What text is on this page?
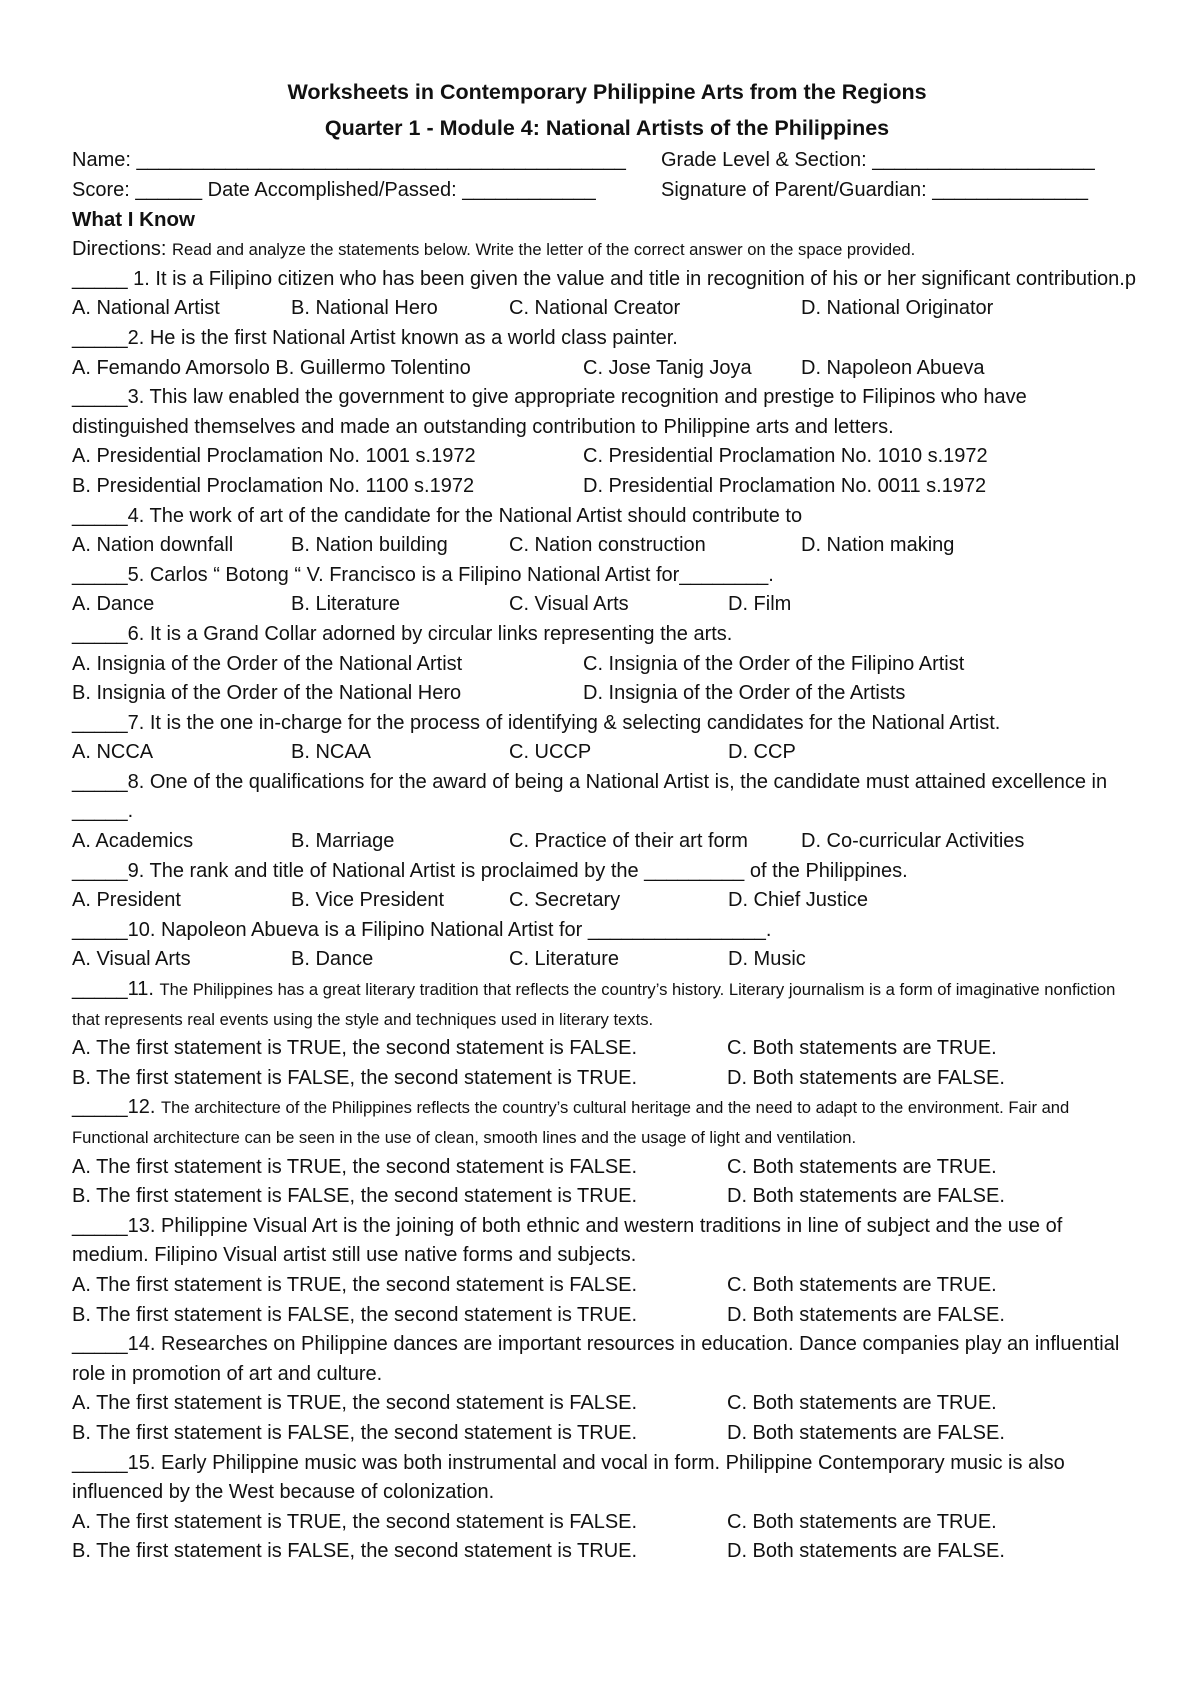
Worksheets in Contemporary Philippine Arts from the Regions
Quarter 1 - Module 4: National Artists of the Philippines
Name: ____________________________________________	Grade Level & Section: ____________________
Score: ______ Date Accomplished/Passed: ____________	Signature of Parent/Guardian: ______________
What I Know
Directions: Read and analyze the statements below. Write the letter of the correct answer on the space provided.
_____ 1. It is a Filipino citizen who has been given the value and title in recognition of his or her significant contribution.p
A. National Artist	B. National Hero	C. National Creator	D. National Originator
_____2. He is the first National Artist known as a world class painter.
A. Femando Amorsolo B. Guillermo Tolentino	C. Jose Tanig Joya	D. Napoleon Abueva
_____3. This law enabled the government to give appropriate recognition and prestige to Filipinos who have distinguished themselves and made an outstanding contribution to Philippine arts and letters.
A. Presidential Proclamation No. 1001 s.1972	C. Presidential Proclamation No. 1010 s.1972
B. Presidential Proclamation No. 1100 s.1972	D. Presidential Proclamation No. 0011 s.1972
_____4. The work of art of the candidate for the National Artist should contribute to
A. Nation downfall	B. Nation building	C. Nation construction	D. Nation making
_____5. Carlos “ Botong “ V. Francisco is a Filipino National Artist for________.
A. Dance	B. Literature	C. Visual Arts	D. Film
_____6. It is a Grand Collar adorned by circular links representing the arts.
A. Insignia of the Order of the National Artist	C. Insignia of the Order of the Filipino Artist
B. Insignia of the Order of the National Hero	D. Insignia of the Order of the Artists
_____7. It is the one in-charge for the process of identifying & selecting candidates for the National Artist.
A. NCCA	B. NCAA	C. UCCP	D. CCP
_____8. One of the qualifications for the award of being a National Artist is, the candidate must attained excellence in _____.
A. Academics	B. Marriage	C. Practice of their art form	D. Co-curricular Activities
_____9. The rank and title of National Artist is proclaimed by the _________ of the Philippines.
A. President	B. Vice President	C. Secretary	D. Chief Justice
_____10. Napoleon Abueva is a Filipino National Artist for ________________.
A. Visual Arts	B. Dance	C. Literature	D. Music
_____11. The Philippines has a great literary tradition that reflects the country’s history. Literary journalism is a form of imaginative nonfiction that represents real events using the style and techniques used in literary texts.
A. The first statement is TRUE, the second statement is FALSE.	C. Both statements are TRUE.
B. The first statement is FALSE, the second statement is TRUE.	D. Both statements are FALSE.
_____12. The architecture of the Philippines reflects the country’s cultural heritage and the need to adapt to the environment. Fair and Functional architecture can be seen in the use of clean, smooth lines and the usage of light and ventilation.
A. The first statement is TRUE, the second statement is FALSE.	C. Both statements are TRUE.
B. The first statement is FALSE, the second statement is TRUE.	D. Both statements are FALSE.
_____13. Philippine Visual Art is the joining of both ethnic and western traditions in line of subject and the use of medium. Filipino Visual artist still use native forms and subjects.
A. The first statement is TRUE, the second statement is FALSE.	C. Both statements are TRUE.
B. The first statement is FALSE, the second statement is TRUE.	D. Both statements are FALSE.
_____14. Researches on Philippine dances are important resources in education. Dance companies play an influential role in promotion of art and culture.
A. The first statement is TRUE, the second statement is FALSE.	C. Both statements are TRUE.
B. The first statement is FALSE, the second statement is TRUE.	D. Both statements are FALSE.
_____15. Early Philippine music was both instrumental and vocal in form. Philippine Contemporary music is also influenced by the West because of colonization.
A. The first statement is TRUE, the second statement is FALSE.	C. Both statements are TRUE.
B. The first statement is FALSE, the second statement is TRUE.	D. Both statements are FALSE.
